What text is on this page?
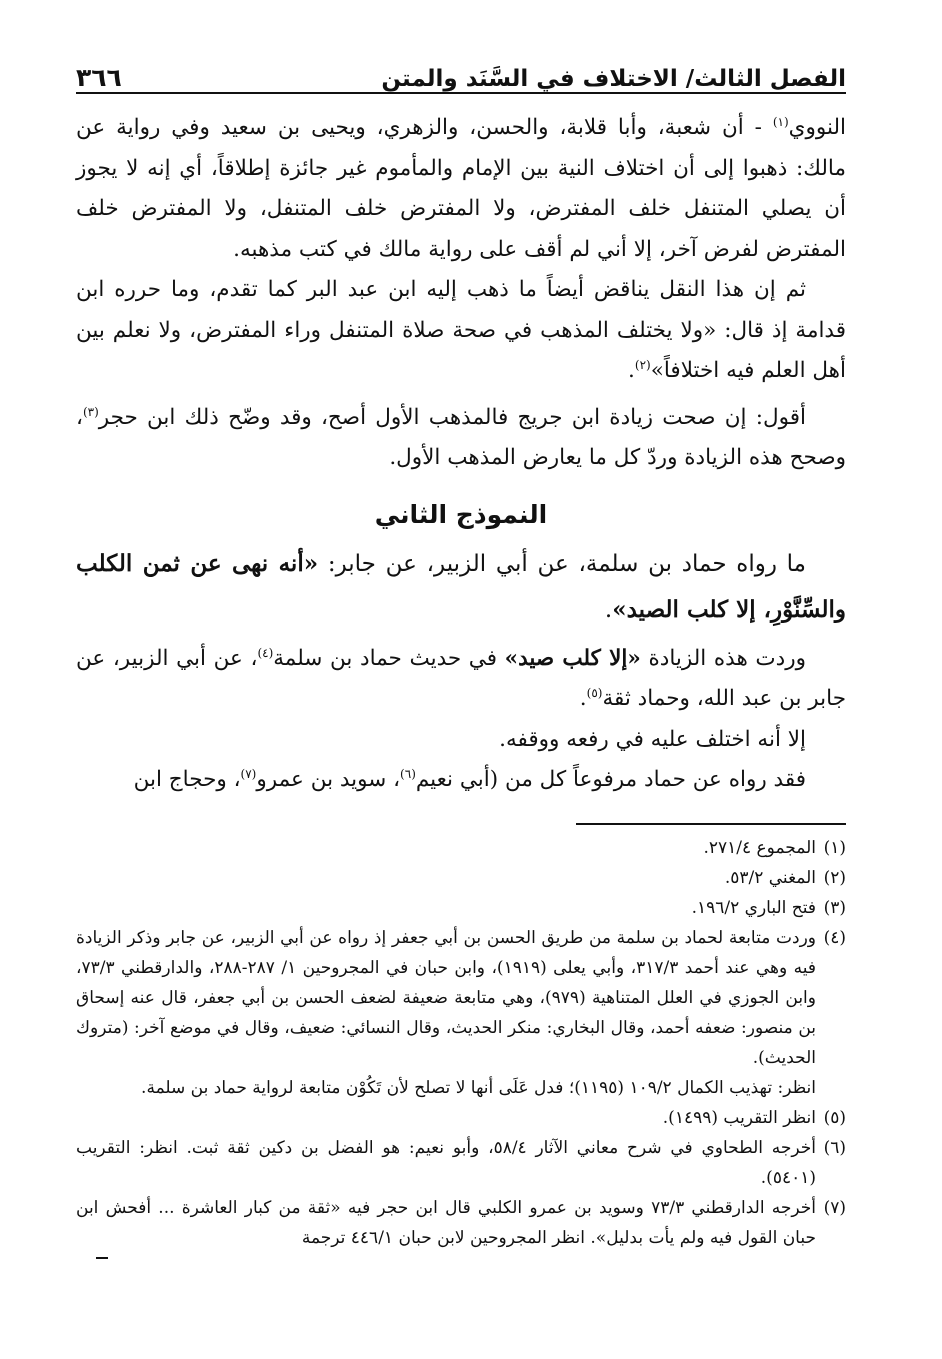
الفصل الثالث/ الاختلاف في السَّنَد والمتن
٣٦٦

النووي$^{(١)}$ - أن شعبة، وأبا قلابة، والحسن، والزهري، ويحيى بن سعيد وفي رواية عن مالك: ذهبوا إلى أن اختلاف النية بين الإمام والمأموم غير جائزة إطلاقاً، أي إنه لا يجوز أن يصلي المتنفل خلف المفترض، ولا المفترض خلف المتنفل، ولا المفترض خلف المفترض لفرض آخر، إلا أني لم أقف على رواية مالك في كتب مذهبه.

ثم إن هذا النقل يناقض أيضاً ما ذهب إليه ابن عبد البر كما تقدم، وما حرره ابن قدامة إذ قال: «ولا يختلف المذهب في صحة صلاة المتنفل وراء المفترض، ولا نعلم بين أهل العلم فيه اختلافاً»$^{(٢)}$.

أقول: إن صحت زيادة ابن جريج فالمذهب الأول أصح، وقد وضّح ذلك ابن حجر$^{(٣)}$، وصحح هذه الزيادة وردّ كل ما يعارض المذهب الأول.

النموذج الثاني

ما رواه حماد بن سلمة، عن أبي الزبير، عن جابر: «أنه نهى عن ثمن الكلب والسِّنَّوْرِ، إلا كلب الصيد».

وردت هذه الزيادة «إلا كلب صيد» في حديث حماد بن سلمة$^{(٤)}$، عن أبي الزبير، عن جابر بن عبد الله، وحماد ثقة$^{(٥)}$.

إلا أنه اختلف عليه في رفعه ووقفه.

فقد رواه عن حماد مرفوعاً كل من (أبي نعيم$^{(٦)}$، سويد بن عمرو$^{(٧)}$، وحجاج ابن

(١)
المجموع ٢٧١/٤.
(٢)
المغني ٥٣/٢.
(٣)
فتح الباري ١٩٦/٢.
(٤)
وردت متابعة لحماد بن سلمة من طريق الحسن بن أبي جعفر إذ رواه عن أبي الزبير، عن جابر وذكر الزيادة فيه وهي عند أحمد ٣١٧/٣، وأبي يعلى (١٩١٩)، وابن حبان في المجروحين ١/ ٢٨٧-٢٨٨، والدارقطني ٧٣/٣، وابن الجوزي في العلل المتناهية (٩٧٩)، وهي متابعة ضعيفة لضعف الحسن بن أبي جعفر، قال عنه إسحاق بن منصور: ضعفه أحمد، وقال البخاري: منكر الحديث، وقال النسائي: ضعيف، وقال في موضع آخر: (متروك الحديث).
انظر: تهذيب الكمال ١٠٩/٢ (١١٩٥)؛ فدل عَلَى أنها لا تصلح لأن تَكُوْن متابعة لرواية حماد بن سلمة.
(٥)
انظر التقريب (١٤٩٩).
(٦)
أخرجه الطحاوي في شرح معاني الآثار ٥٨/٤، وأبو نعيم: هو الفضل بن دكين ثقة ثبت. انظر: التقريب (٥٤٠١).
(٧)
أخرجه الدارقطني ٧٣/٣ وسويد بن عمرو الكلبي قال ابن حجر فيه «ثقة من كبار العاشرة ... أفحش ابن حبان القول فيه ولم يأت بدليل». انظر المجروحين لابن حبان ٤٤٦/١ ترجمة
